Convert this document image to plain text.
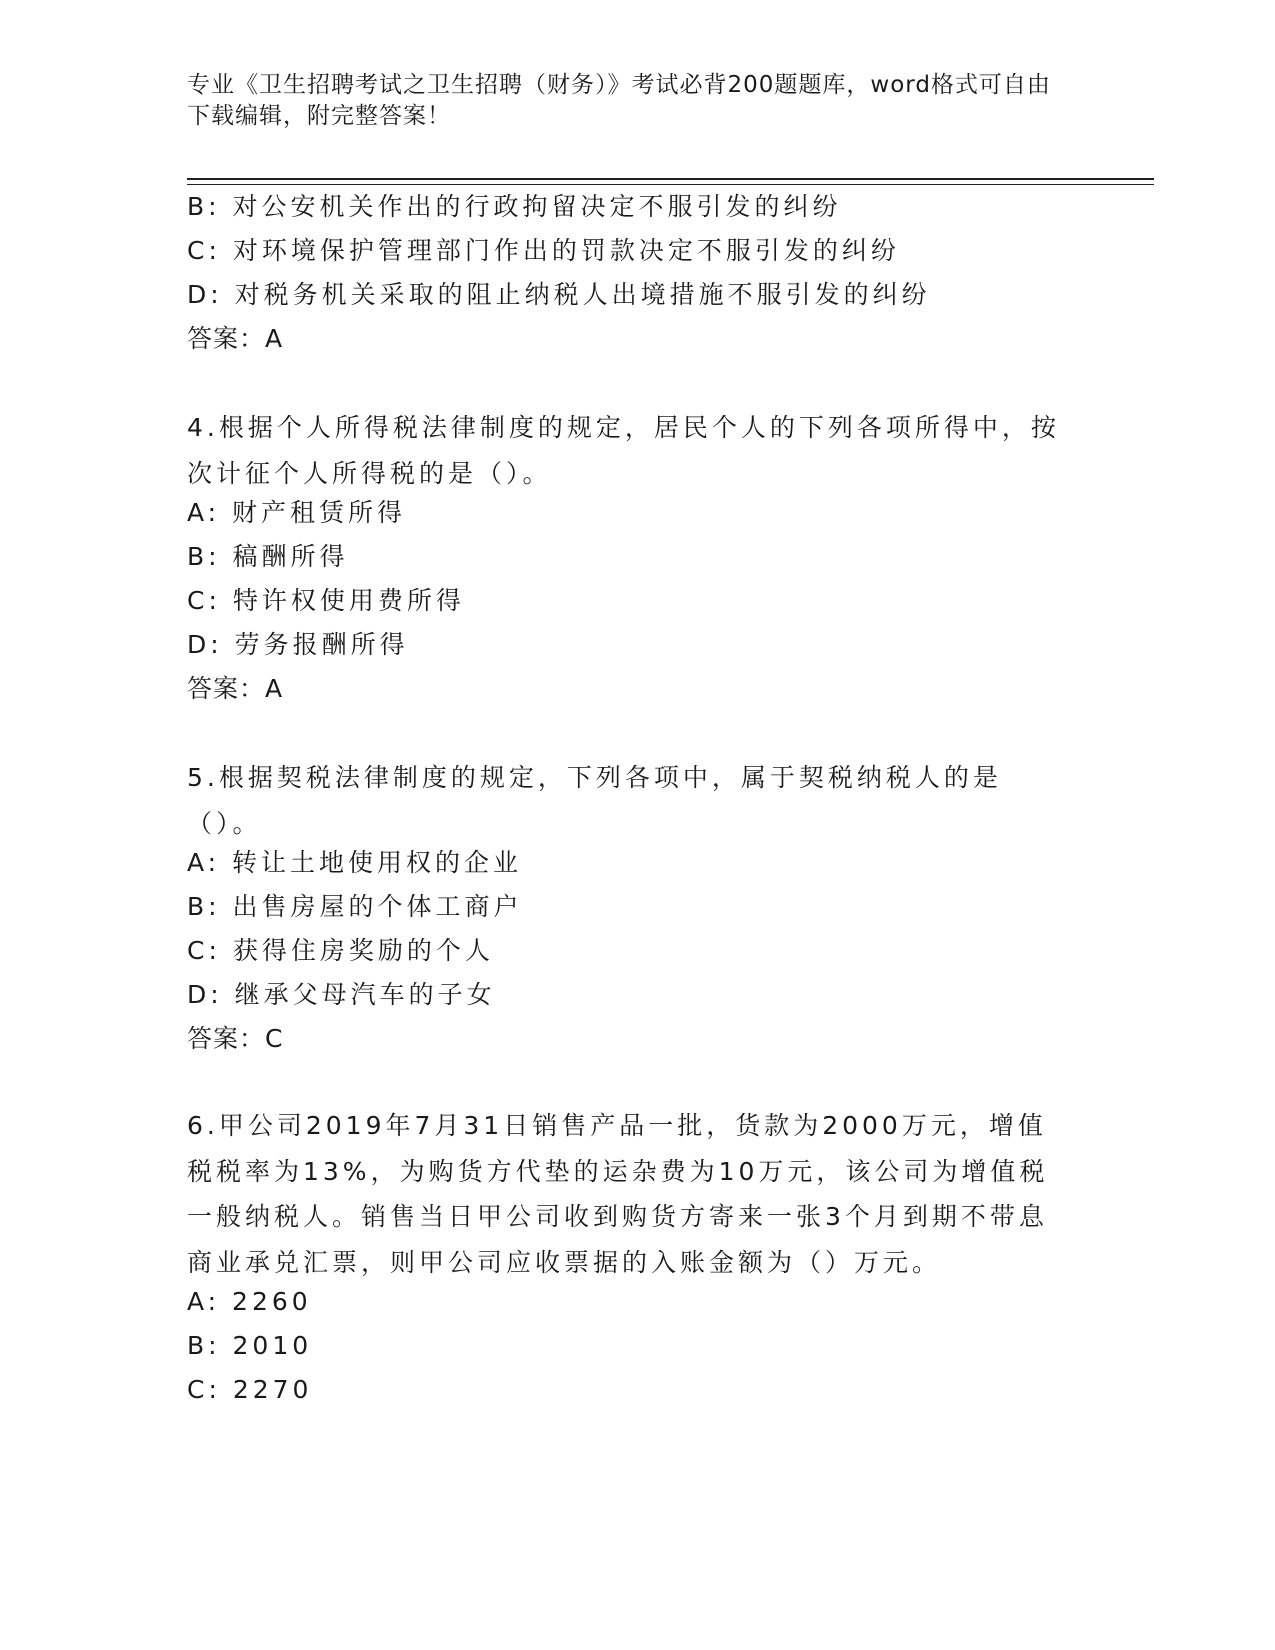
专业《卫生招聘考试之卫生招聘（财务）》考试必背200题题库，word格式可自由下载编辑，附完整答案！
B: 对公安机关作出的行政拘留决定不服引发的纠纷
C: 对环境保护管理部门作出的罚款决定不服引发的纠纷
D: 对税务机关采取的阻止纳税人出境措施不服引发的纠纷
答案：A
4.根据个人所得税法律制度的规定，居民个人的下列各项所得中，按次计征个人所得税的是（）。
A: 财产租赁所得
B: 稿酬所得
C: 特许权使用费所得
D: 劳务报酬所得
答案：A
5.根据契税法律制度的规定，下列各项中，属于契税纳税人的是（）。
A: 转让土地使用权的企业
B: 出售房屋的个体工商户
C: 获得住房奖励的个人
D: 继承父母汽车的子女
答案：C
6.甲公司2019年7月31日销售产品一批，货款为2000万元，增值税税率为13%，为购货方代垫的运杂费为10万元，该公司为增值税一般纳税人。销售当日甲公司收到购货方寄来一张3个月到期不带息商业承兑汇票，则甲公司应收票据的入账金额为（）万元。
A: 2260
B: 2010
C: 2270
